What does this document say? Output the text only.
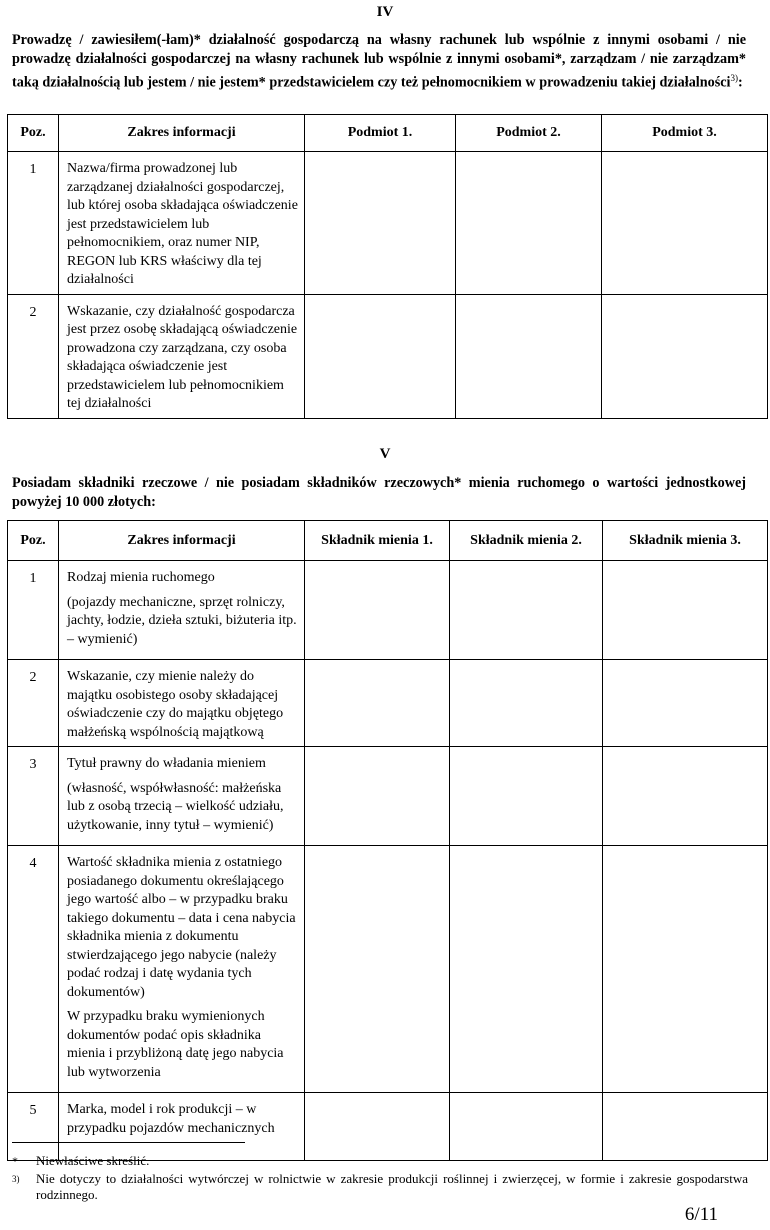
IV
Prowadzę / zawiesiłem(-łam)* działalność gospodarczą na własny rachunek lub wspólnie z innymi osobami / nie prowadzę działalności gospodarczej na własny rachunek lub wspólnie z innymi osobami*, zarządzam / nie zarządzam* taką działalnością lub jestem / nie jestem* przedstawicielem czy też pełnomocnikiem w prowadzeniu takiej działalności$^{3)}$:
Poz.	Zakres informacji	Podmiot 1.	Podmiot 2.	Podmiot 3.
1	Nazwa/firma prowadzonej lub zarządzanej działalności gospodarczej, lub której osoba składająca oświadczenie jest przedstawicielem lub pełnomocnikiem, oraz numer NIP, REGON lub KRS właściwy dla tej działalności			
2	Wskazanie, czy działalność gospodarcza jest przez osobę składającą oświadczenie prowadzona czy zarządzana, czy osoba składająca oświadczenie jest przedstawicielem lub pełnomocnikiem tej działalności			
V
Posiadam składniki rzeczowe / nie posiadam składników rzeczowych* mienia ruchomego o wartości jednostkowej powyżej 10 000 złotych:
Poz.	Zakres informacji	Składnik mienia 1.	Składnik mienia 2.	Składnik mienia 3.
1	Rodzaj mienia ruchomego

(pojazdy mechaniczne, sprzęt rolniczy, jachty, łodzie, dzieła sztuki, biżuteria itp. – wymienić)			

2	Wskazanie, czy mienie należy do majątku osobistego osoby składającej oświadczenie czy do majątku objętego małżeńską wspólnością majątkową			
3	Tytuł prawny do władania mieniem

(własność, współwłasność: małżeńska lub z osobą trzecią – wielkość udziału, użytkowanie, inny tytuł – wymienić)			

4	Wartość składnika mienia z ostatniego posiadanego dokumentu określającego jego wartość albo – w przypadku braku takiego dokumentu – data i cena nabycia składnika mienia z dokumentu stwierdzającego jego nabycie (należy podać rodzaj i datę wydania tych dokumentów)

W przypadku braku wymienionych dokumentów podać opis składnika mienia i przybliżoną datę jego nabycia lub wytworzenia			

5	Marka, model i rok produkcji – w przypadku pojazdów mechanicznych			
* Niewłaściwe skreślić.
$^{3)}$ Nie dotyczy to działalności wytwórczej w rolnictwie w zakresie produkcji roślinnej i zwierzęcej, w formie i zakresie gospodarstwa rodzinnego.
6/11
